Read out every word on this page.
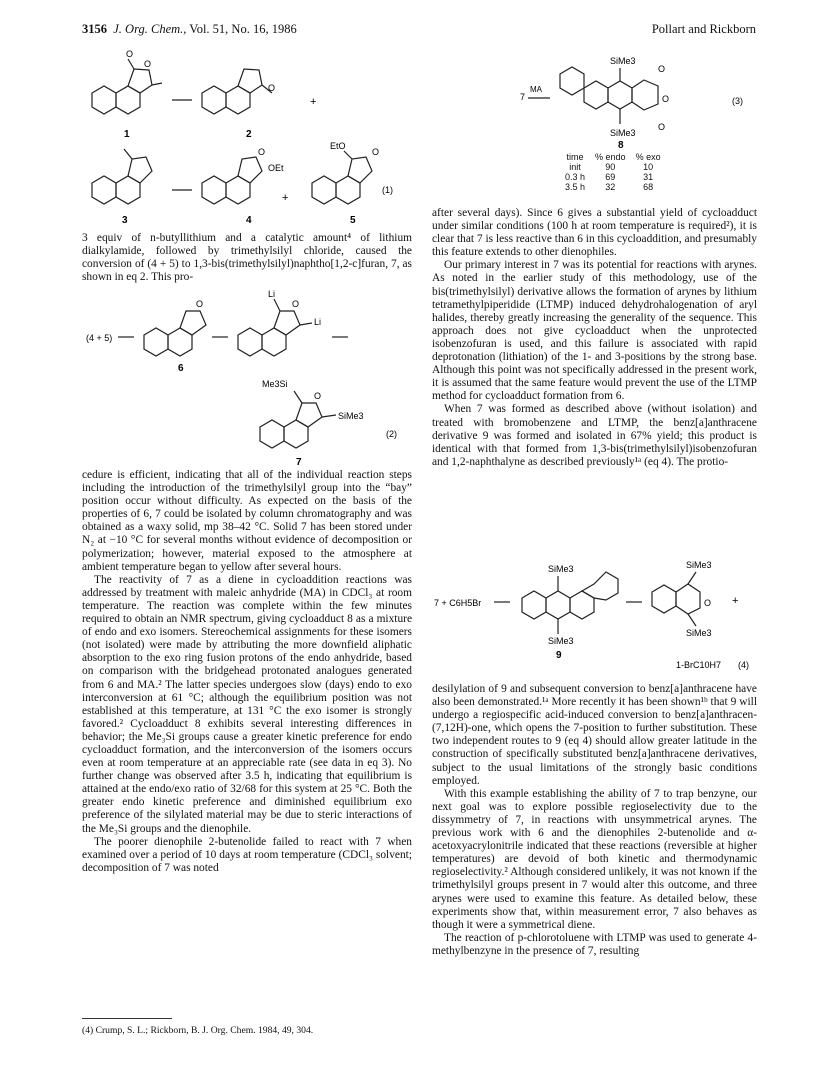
3156 J. Org. Chem., Vol. 51, No. 16, 1986	Pollart and Rickborn
O
O
O
+
O
OEt
+
EtO
O
(1)
1	2
3	4	5

3 equiv of n-butyllithium and a catalytic amount⁴ of lithium dialkylamide, followed by trimethylsilyl chloride, caused the conversion of (4 + 5) to 1,3-bis(trimethylsilyl)naphtho[1,2-c]furan, 7, as shown in eq 2. This pro-

(4 + 5)
O
6
Li
O
Li
Me3Si
O
SiMe3
(2)
7

cedure is efficient, indicating that all of the individual reaction steps including the introduction of the trimethylsilyl group into the “bay” position occur without difficulty. As expected on the basis of the properties of 6, 7 could be isolated by column chromatography and was obtained as a waxy solid, mp 38–42 °C. Solid 7 has been stored under N₂ at −10 °C for several months without evidence of decomposition or polymerization; however, material exposed to the atmosphere at ambient temperature began to yellow after several hours.

The reactivity of 7 as a diene in cycloaddition reactions was addressed by treatment with maleic anhydride (MA) in CDCl₃ at room temperature. The reaction was complete within the few minutes required to obtain an NMR spectrum, giving cycloadduct 8 as a mixture of endo and exo isomers. Stereochemical assignments for these isomers (not isolated) were made by attributing the more downfield aliphatic absorption to the exo ring fusion protons of the endo anhydride, based on comparison with the bridgehead protonated analogues generated from 6 and MA.² The latter species undergoes slow (days) endo to exo interconversion at 61 °C; although the equilibrium position was not established at this temperature, at 131 °C the exo isomer is strongly favored.² Cycloadduct 8 exhibits several interesting differences in behavior; the Me₃Si groups cause a greater kinetic preference for endo cycloadduct formation, and the interconversion of the isomers occurs even at room temperature at an appreciable rate (see data in eq 3). No further change was observed after 3.5 h, indicating that equilibrium is attained at the endo/exo ratio of 32/68 for this system at 25 °C. Both the greater endo kinetic preference and diminished equilibrium exo preference of the silylated material may be due to steric interactions of the Me₃Si groups and the dienophile.

The poorer dienophile 2-butenolide failed to react with 7 when examined over a period of 10 days at room temperature (CDCl₃ solvent; decomposition of 7 was noted

(4) Crump, S. L.; Rickborn, B. J. Org. Chem. 1984, 49, 304.
7
MA
SiMe3
SiMe3
O
O
O
(3)
8
time	% endo	% exo
init	90	10
0.3 h	69	31
3.5 h	32	68

after several days). Since 6 gives a substantial yield of cycloadduct under similar conditions (100 h at room temperature is required²), it is clear that 7 is less reactive than 6 in this cycloaddition, and presumably this feature extends to other dienophiles.

Our primary interest in 7 was its potential for reactions with arynes. As noted in the earlier study of this methodology, use of the bis(trimethylsilyl) derivative allows the formation of arynes by lithium tetramethylpiperidide (LTMP) induced dehydrohalogenation of aryl halides, thereby greatly increasing the generality of the sequence. This approach does not give cycloadduct when the unprotected isobenzofuran is used, and this failure is associated with rapid deprotonation (lithiation) of the 1- and 3-positions by the strong base. Although this point was not specifically addressed in the present work, it is assumed that the same feature would prevent the use of the LTMP method for cycloadduct formation from 6.

When 7 was formed as described above (without isolation) and treated with bromobenzene and LTMP, the benz[a]anthracene derivative 9 was formed and isolated in 67% yield; this product is identical with that formed from 1,3-bis(trimethylsilyl)isobenzofuran and 1,2-naphthalyne as described previously¹ᵃ (eq 4). The protio-

7 + C6H5Br
SiMe3
SiMe3
SiMe3
SiMe3
O +
1-BrC10H7 (4)
9

desilylation of 9 and subsequent conversion to benz[a]anthracene have also been demonstrated.¹ᵃ More recently it has been shown¹ᵇ that 9 will undergo a regiospecific acid-induced conversion to benz[a]anthracen-(7,12H)-one, which opens the 7-position to further substitution. These two independent routes to 9 (eq 4) should allow greater latitude in the construction of specifically substituted benz[a]anthracene derivatives, subject to the usual limitations of the strongly basic conditions employed.

With this example establishing the ability of 7 to trap benzyne, our next goal was to explore possible regioselectivity due to the dissymmetry of 7, in reactions with unsymmetrical arynes. The previous work with 6 and the dienophiles 2-butenolide and α-acetoxyacrylonitrile indicated that these reactions (reversible at higher temperatures) are devoid of both kinetic and thermodynamic regioselectivity.² Although considered unlikely, it was not known if the trimethylsilyl groups present in 7 would alter this outcome, and three arynes were used to examine this feature. As detailed below, these experiments show that, within measurement error, 7 also behaves as though it were a symmetrical diene.

The reaction of p-chlorotoluene with LTMP was used to generate 4-methylbenzyne in the presence of 7, resulting
